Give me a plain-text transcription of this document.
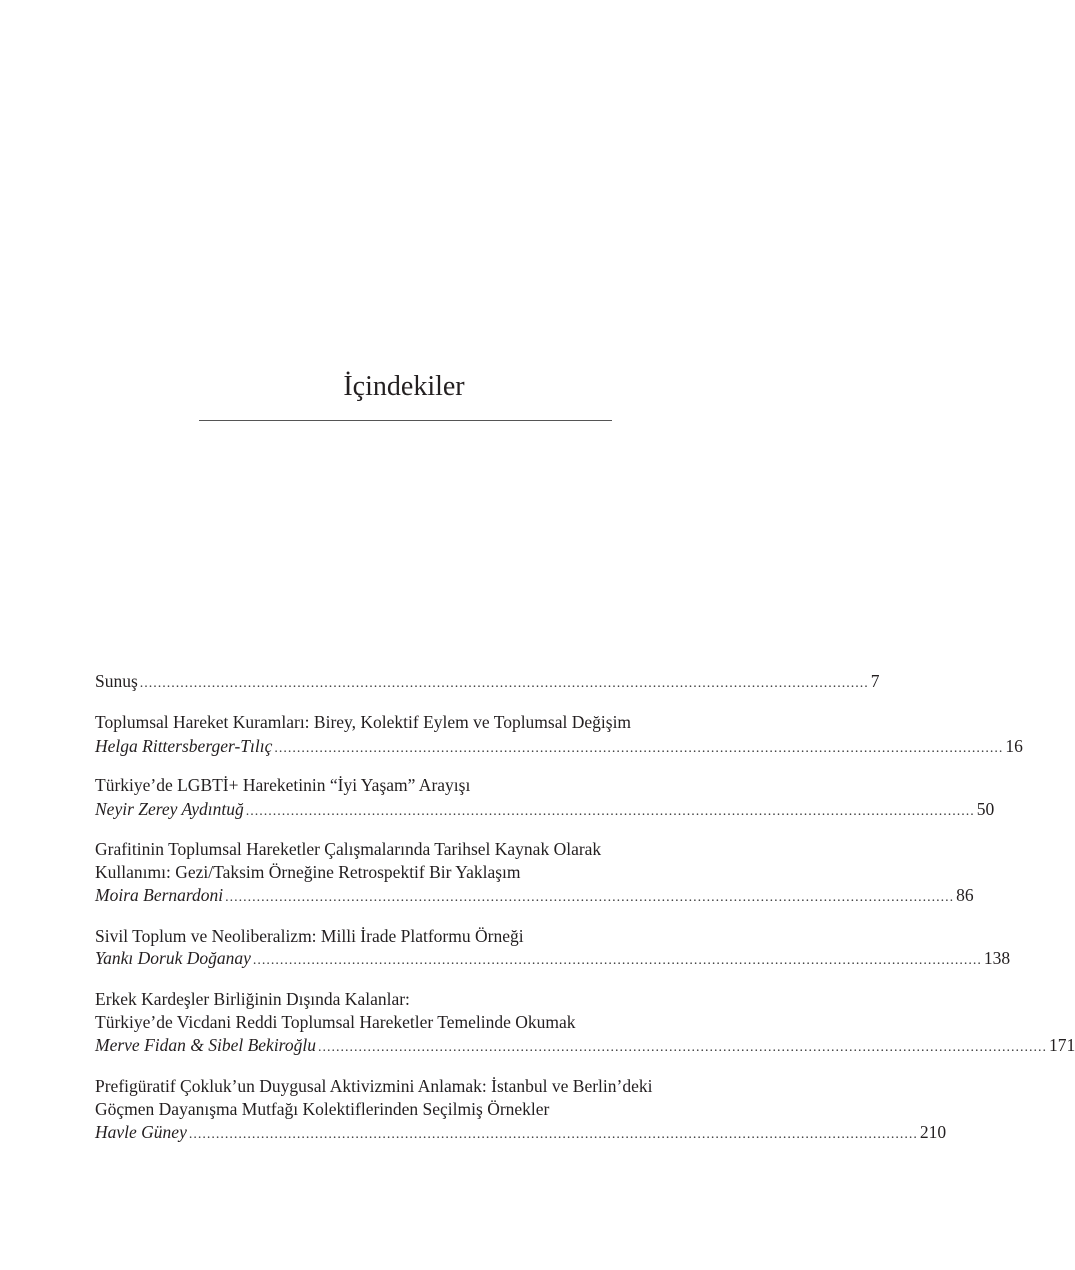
İçindekiler
Sunuş .................................................................................................................................................................. 7
Toplumsal Hareket Kuramları: Birey, Kolektif Eylem ve Toplumsal Değişim
Helga Rittersberger-Tılıç .................................................................................................................................................................. 16
Türkiye’de LGBTİ+ Hareketinin “İyi Yaşam” Arayışı
Neyir Zerey Aydıntuğ .................................................................................................................................................................. 50
Grafitinin Toplumsal Hareketler Çalışmalarında Tarihsel Kaynak Olarak
Kullanımı: Gezi/Taksim Örneğine Retrospektif Bir Yaklaşım
Moira Bernardoni .................................................................................................................................................................. 86
Sivil Toplum ve Neoliberalizm: Milli İrade Platformu Örneği
Yankı Doruk Doğanay .................................................................................................................................................................. 138
Erkek Kardeşler Birliğinin Dışında Kalanlar:
Türkiye’de Vicdani Reddi Toplumsal Hareketler Temelinde Okumak
Merve Fidan & Sibel Bekiroğlu .................................................................................................................................................................. 171
Prefigüratif Çokluk’un Duygusal Aktivizmini Anlamak: İstanbul ve Berlin’deki
Göçmen Dayanışma Mutfağı Kolektiflerinden Seçilmiş Örnekler
Havle Güney .................................................................................................................................................................. 210
